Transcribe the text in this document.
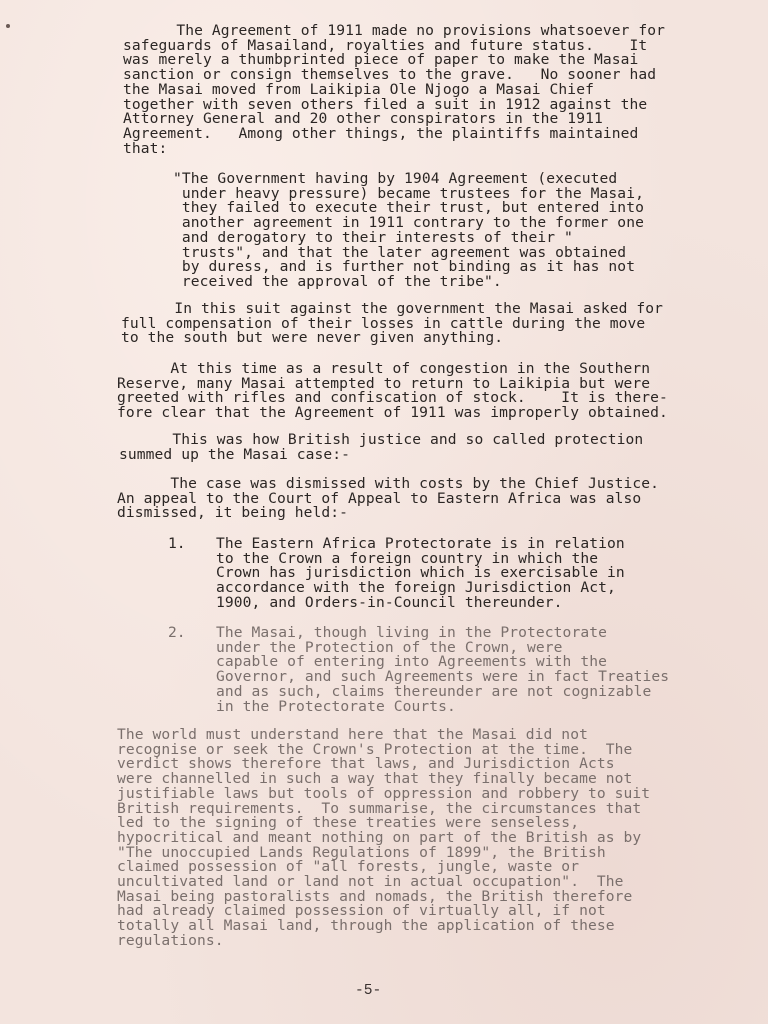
The Agreement of 1911 made no provisions whatsoever for
safeguards of Masailand, royalties and future status.    It
was merely a thumbprinted piece of paper to make the Masai
sanction or consign themselves to the grave.   No sooner had
the Masai moved from Laikipia Ole Njogo a Masai Chief
together with seven others filed a suit in 1912 against the
Attorney General and 20 other conspirators in the 1911
Agreement.   Among other things, the plaintiffs maintained
that:
"The Government having by 1904 Agreement (executed
under heavy pressure) became trustees for the Masai,
they failed to execute their trust, but entered into
another agreement in 1911 contrary to the former one
and derogatory to their interests of their "
trusts", and that the later agreement was obtained
by duress, and is further not binding as it has not
received the approval of the tribe".
In this suit against the government the Masai asked for
full compensation of their losses in cattle during the move
to the south but were never given anything.
At this time as a result of congestion in the Southern
Reserve, many Masai attempted to return to Laikipia but were
greeted with rifles and confiscation of stock.    It is there-
fore clear that the Agreement of 1911 was improperly obtained.
This was how British justice and so called protection
summed up the Masai case:-
The case was dismissed with costs by the Chief Justice.
An appeal to the Court of Appeal to Eastern Africa was also
dismissed, it being held:-
1. The Eastern Africa Protectorate is in relation
to the Crown a foreign country in which the
Crown has jurisdiction which is exercisable in
accordance with the foreign Jurisdiction Act,
1900, and Orders-in-Council thereunder.
2. The Masai, though living in the Protectorate
under the Protection of the Crown, were
capable of entering into Agreements with the
Governor, and such Agreements were in fact Treaties
and as such, claims thereunder are not cognizable
in the Protectorate Courts.
The world must understand here that the Masai did not
recognise or seek the Crown's Protection at the time.  The
verdict shows therefore that laws, and Jurisdiction Acts
were channelled in such a way that they finally became not
justifiable laws but tools of oppression and robbery to suit
British requirements.  To summarise, the circumstances that
led to the signing of these treaties were senseless,
hypocritical and meant nothing on part of the British as by
"The unoccupied Lands Regulations of 1899", the British
claimed possession of "all forests, jungle, waste or
uncultivated land or land not in actual occupation".  The
Masai being pastoralists and nomads, the British therefore
had already claimed possession of virtually all, if not
totally all Masai land, through the application of these
regulations.
-5-
